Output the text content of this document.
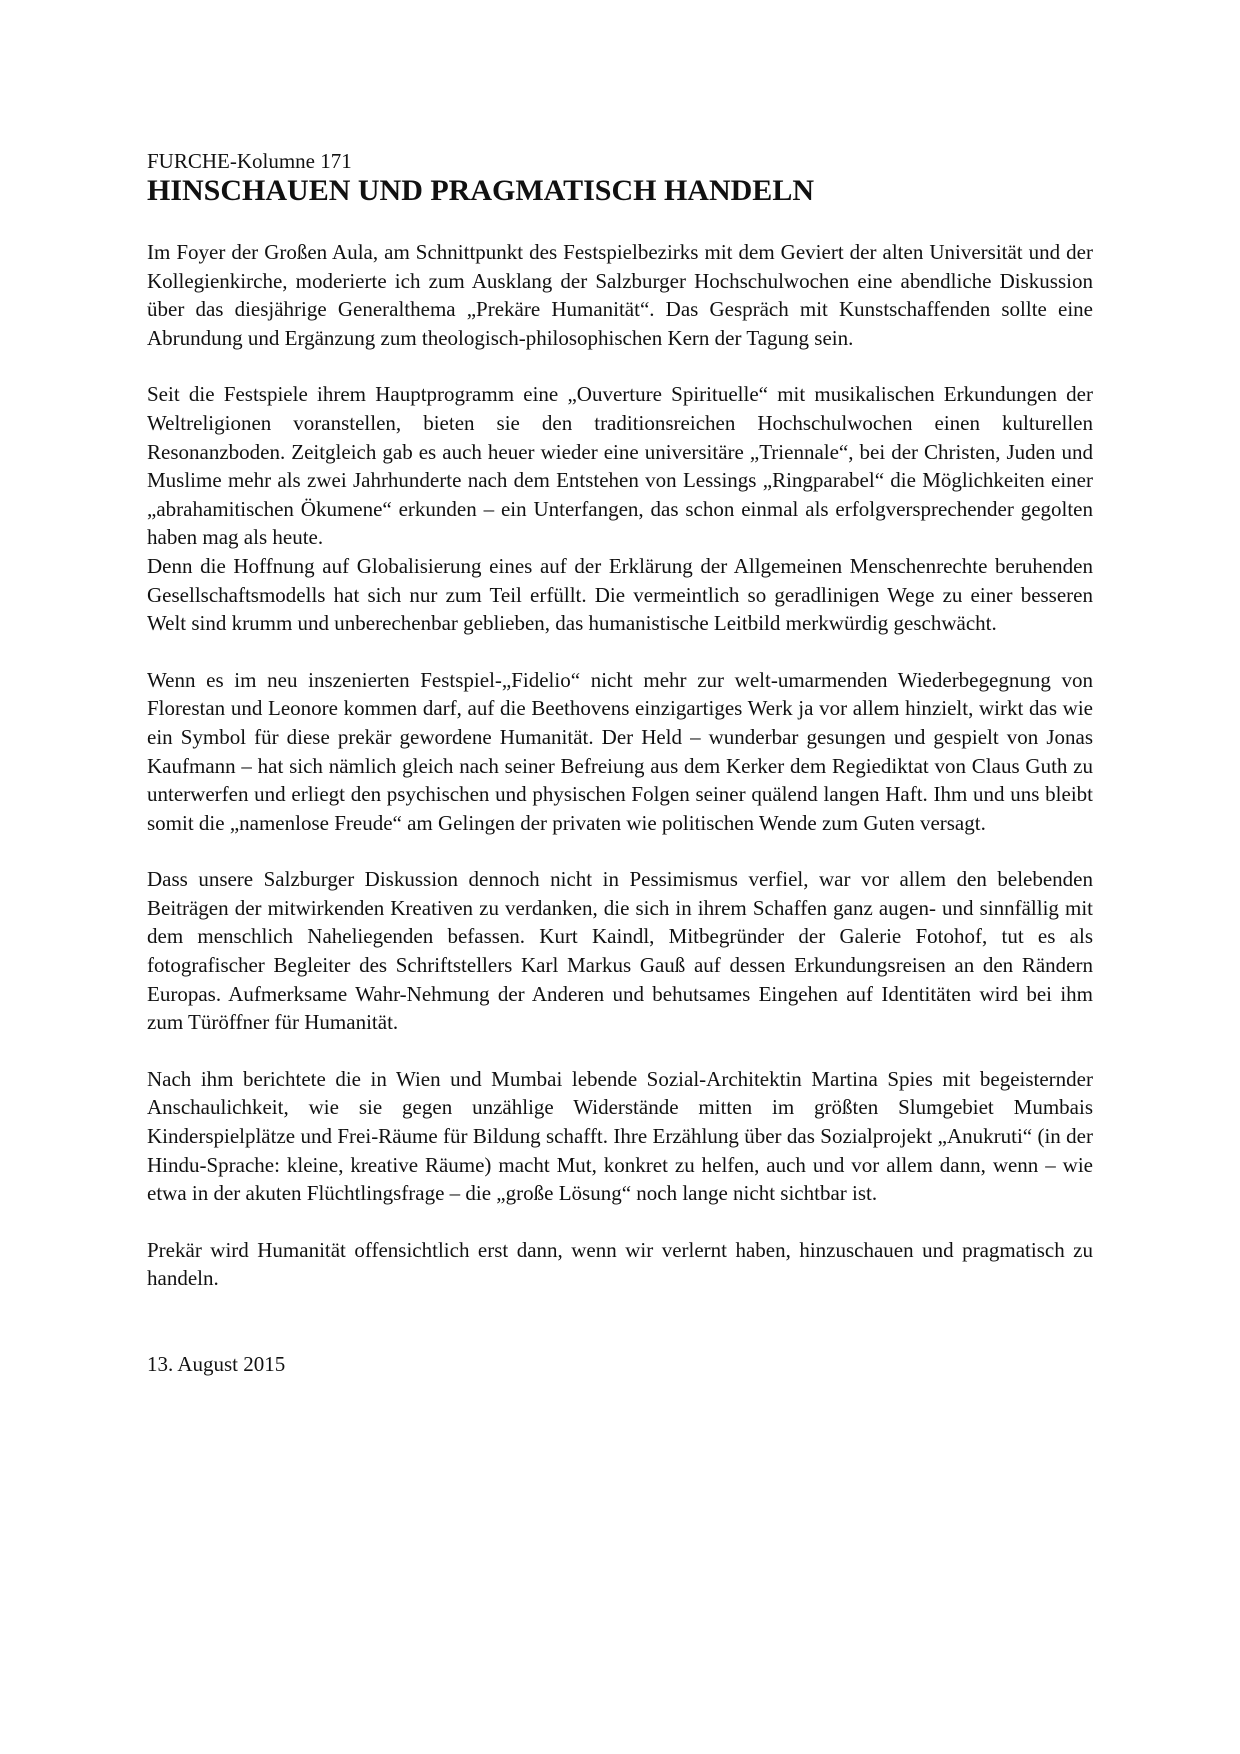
FURCHE-Kolumne 171

HINSCHAUEN UND PRAGMATISCH HANDELN

Im Foyer der Großen Aula, am Schnittpunkt des Festspielbezirks mit dem Geviert der alten Universität und der Kollegienkirche, moderierte ich zum Ausklang der Salzburger Hochschulwochen eine abendliche Diskussion über das diesjährige Generalthema „Prekäre Humanität“. Das Gespräch mit Kunstschaffenden sollte eine Abrundung und Ergänzung zum theologisch-philosophischen Kern der Tagung sein.

Seit die Festspiele ihrem Hauptprogramm eine „Ouverture Spirituelle“ mit musikalischen Erkundungen der Weltreligionen voranstellen, bieten sie den traditionsreichen Hochschulwochen einen kulturellen Resonanzboden. Zeitgleich gab es auch heuer wieder eine universitäre „Triennale“, bei der Christen, Juden und Muslime mehr als zwei Jahrhunderte nach dem Entstehen von Lessings „Ringparabel“ die Möglichkeiten einer „abrahamitischen Ökumene“ erkunden – ein Unterfangen, das schon einmal als erfolgversprechender gegolten haben mag als heute.

Denn die Hoffnung auf Globalisierung eines auf der Erklärung der Allgemeinen Menschenrechte beruhenden Gesellschaftsmodells hat sich nur zum Teil erfüllt. Die vermeintlich so geradlinigen Wege zu einer besseren Welt sind krumm und unberechenbar geblieben, das humanistische Leitbild merkwürdig geschwächt.

Wenn es im neu inszenierten Festspiel-„Fidelio“ nicht mehr zur welt-umarmenden Wiederbegegnung von Florestan und Leonore kommen darf, auf die Beethovens einzigartiges Werk ja vor allem hinzielt, wirkt das wie ein Symbol für diese prekär gewordene Humanität. Der Held – wunderbar gesungen und gespielt von Jonas Kaufmann – hat sich nämlich gleich nach seiner Befreiung aus dem Kerker dem Regiediktat von Claus Guth zu unterwerfen und erliegt den psychischen und physischen Folgen seiner quälend langen Haft. Ihm und uns bleibt somit die „namenlose Freude“ am Gelingen der privaten wie politischen Wende zum Guten versagt.

Dass unsere Salzburger Diskussion dennoch nicht in Pessimismus verfiel, war vor allem den belebenden Beiträgen der mitwirkenden Kreativen zu verdanken, die sich in ihrem Schaffen ganz augen- und sinnfällig mit dem menschlich Naheliegenden befassen. Kurt Kaindl, Mitbegründer der Galerie Fotohof, tut es als fotografischer Begleiter des Schriftstellers Karl Markus Gauß auf dessen Erkundungsreisen an den Rändern Europas. Aufmerksame Wahr-Nehmung der Anderen und behutsames Eingehen auf Identitäten wird bei ihm zum Türöffner für Humanität.

Nach ihm berichtete die in Wien und Mumbai lebende Sozial-Architektin Martina Spies mit begeisternder Anschaulichkeit, wie sie gegen unzählige Widerstände mitten im größten Slumgebiet Mumbais Kinderspielplätze und Frei-Räume für Bildung schafft. Ihre Erzählung über das Sozialprojekt „Anukruti“ (in der Hindu-Sprache: kleine, kreative Räume) macht Mut, konkret zu helfen, auch und vor allem dann, wenn – wie etwa in der akuten Flüchtlingsfrage – die „große Lösung“ noch lange nicht sichtbar ist.

Prekär wird Humanität offensichtlich erst dann, wenn wir verlernt haben, hinzuschauen und pragmatisch zu handeln.

13. August 2015
